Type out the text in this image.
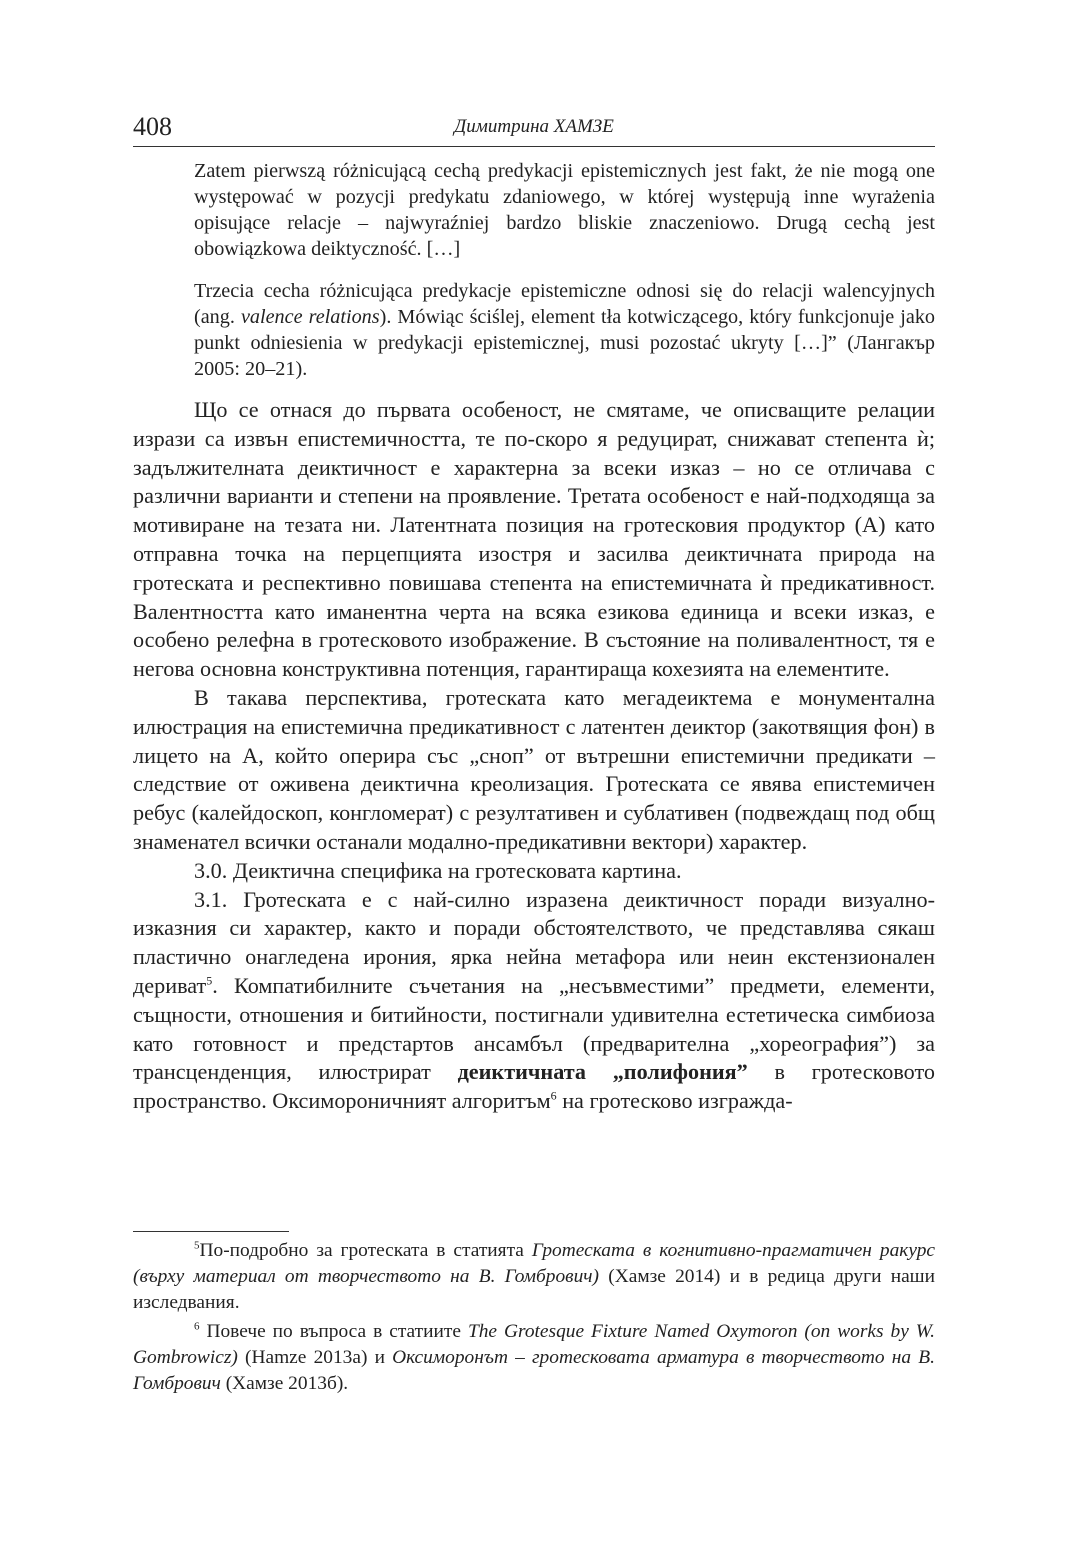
408	Димитрина ХАМЗЕ

Zatem pierwszą różnicującą cechą predykacji epistemicznych jest fakt, że nie mogą one występować w pozycji predykatu zdaniowego, w której występują inne wyrażenia opisujące relacje – najwyraźniej bardzo bliskie znaczeniowo. Drugą cechą jest obowiązkowa deiktyczność. […]

Trzecia cecha różnicująca predykacje epistemiczne odnosi się do relacji walencyjnych (ang. valence relations). Mówiąc ściślej, element tła kotwiczącego, który funkcjonuje jako punkt odniesienia w predykacji epistemicznej, musi pozostać ukryty […]” (Лангакър 2005: 20–21).

Що се отнася до първата особеност, не смятаме, че описващите релации изрази са извън епистемичността, те по-скоро я редуцират, снижават степента ѝ; задължителната деиктичност е характерна за всеки изказ – но се отличава с различни варианти и степени на проявление. Третата особеност е най-подходяща за мотивиране на тезата ни. Латентната позиция на гротесковия продуктор (А) като отправна точка на перцепцията изостря и засилва деиктичната природа на гротеската и респективно повишава степента на епистемичната ѝ предикативност. Валентността като иманентна черта на всяка езикова единица и всеки изказ, е особено релефна в гротесковото изображение. В състояние на поливалентност, тя е негова основна конструктивна потенция, гарантираща кохезията на елементите.

В такава перспектива, гротеската като мегадеиктема е монументална илюстрация на епистемична предикативност с латентен деиктор (закотвящия фон) в лицето на А, който оперира със „сноп” от вътрешни епистемични предикати – следствие от оживена деиктична креолизация. Гротеската се явява епистемичен ребус (калейдоскоп, конгломерат) с резултативен и сублативен (подвеждащ под общ знаменател всички останали модално-предикативни вектори) характер.

3.0. Деиктична специфика на гротесковата картина.

3.1. Гротеската е с най-силно изразена деиктичност поради визуално-изказния си характер, както и поради обстоятелството, че представлява сякаш пластично онагледена ирония, ярка нейна метафора или неин екстензионален дериват$^5$. Компатибилните съчетания на „несъвместими” предмети, елементи, същности, отношения и битийности, постигнали удивителна естетическа симбиоза като готовност и предстартов ансамбъл (предварителна „хореография”) за трансценденция, илюстрират деиктичната „полифония” в гротесковото пространство. Оксимороничният алгоритъм$^6$ на гротесково изгражда-

$^5$По-подробно за гротеската в статията Гротеската в когнитивно-прагматичен ракурс (върху материал от творчеството на В. Гомбрович) (Хамзе 2014) и в редица други наши изследвания.

$^6$ Повече по въпроса в статиите The Grotesque Fixture Named Oxymoron (on works by W. Gombrowicz) (Hamze 2013a) и Оксиморонът – гротесковата арматура в творчеството на В. Гомбрович (Хамзе 2013б).
